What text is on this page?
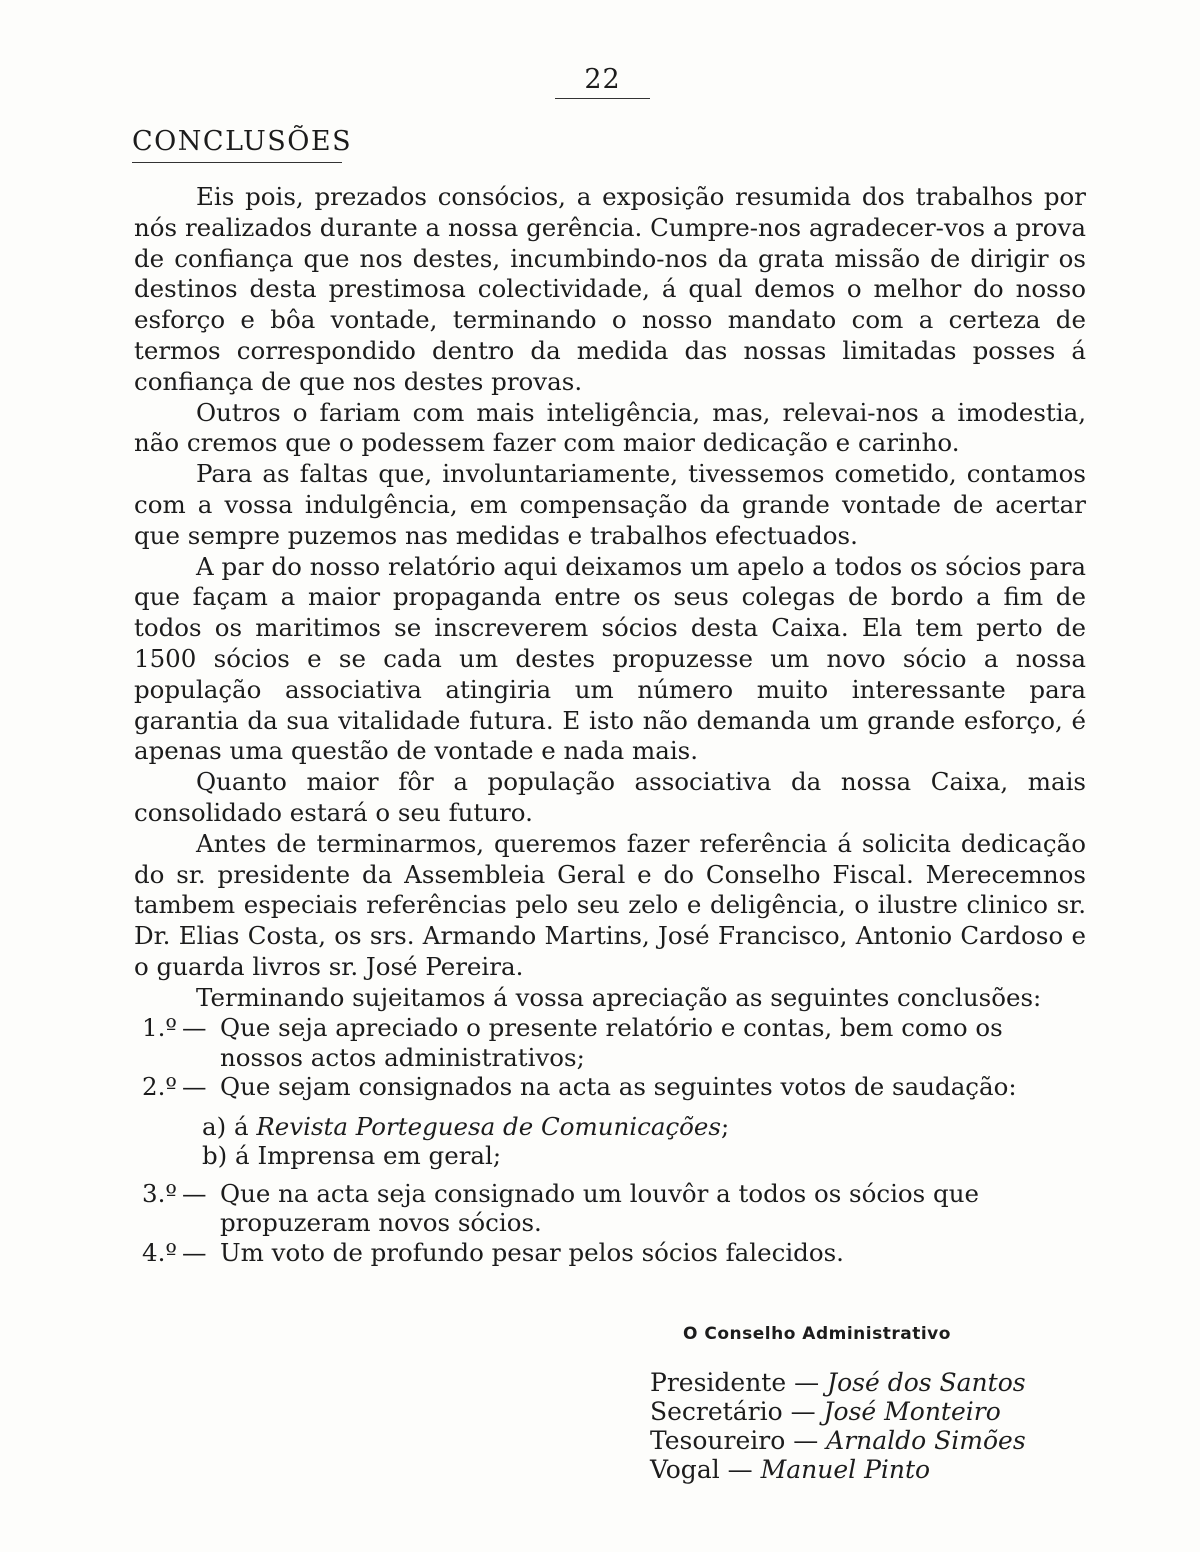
22
CONCLUSÕES

Eis pois, prezados consócios, a exposição resumida dos trabalhos por nós realizados durante a nossa gerência. Cumpre-nos agradecer-vos a prova de confiança que nos destes, incumbindo-nos da grata missão de dirigir os destinos desta prestimosa colectividade, á qual demos o melhor do nosso esforço e bôa vontade, terminando o nosso mandato com a certeza de termos correspondido dentro da medida das nossas limitadas posses á confiança de que nos destes provas.

Outros o fariam com mais inteligência, mas, relevai-nos a imodestia, não cremos que o podessem fazer com maior dedicação e carinho.

Para as faltas que, involuntariamente, tivessemos cometido, contamos com a vossa indulgência, em compensação da grande vontade de acertar que sempre puzemos nas medidas e trabalhos efectuados.

A par do nosso relatório aqui deixamos um apelo a todos os sócios para que façam a maior propaganda entre os seus colegas de bordo a fim de todos os maritimos se inscreverem sócios desta Caixa. Ela tem perto de 1500 sócios e se cada um destes propuzesse um novo sócio a nossa população associativa atingiria um número muito interessante para garantia da sua vitalidade futura. E isto não demanda um grande esforço, é apenas uma questão de vontade e nada mais.

Quanto maior fôr a população associativa da nossa Caixa, mais consolidado estará o seu futuro.

Antes de terminarmos, queremos fazer referência á solicita dedicação do sr. presidente da Assembleia Geral e do Conselho Fiscal. Merecemnos tambem especiais referências pelo seu zelo e deligência, o ilustre clinico sr. Dr. Elias Costa, os srs. Armando Martins, José Francisco, Antonio Cardoso e o guarda livros sr. José Pereira.

Terminando sujeitamos á vossa apreciação as seguintes conclusões:

1.º — Que seja apreciado o presente relatório e contas, bem como os nossos actos administrativos;
2.º — Que sejam consignados na acta as seguintes votos de saudação:
a) á Revista Porteguesa de Comunicações;
b) á Imprensa em geral;
3.º — Que na acta seja consignado um louvôr a todos os sócios que propuzeram novos sócios.
4.º — Um voto de profundo pesar pelos sócios falecidos.
O Conselho Administrativo
Presidente — José dos Santos
Secretário — José Monteiro
Tesoureiro — Arnaldo Simões
Vogal — Manuel Pinto
